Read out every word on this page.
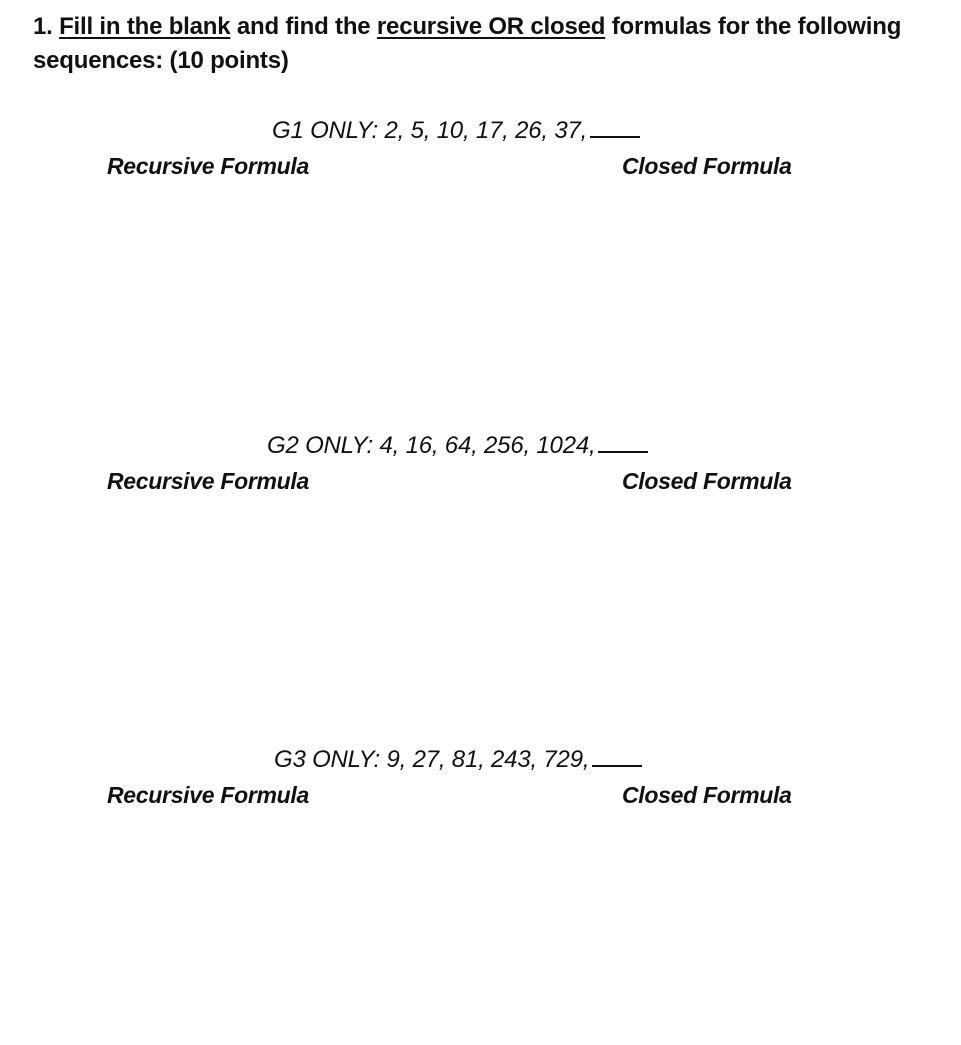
1. Fill in the blank and find the recursive OR closed formulas for the following sequences: (10 points)
G1 ONLY: 2, 5, 10, 17, 26, 37,
Recursive Formula	Closed Formula
G2 ONLY: 4, 16, 64, 256, 1024,
Recursive Formula	Closed Formula
G3 ONLY: 9, 27, 81, 243, 729,
Recursive Formula	Closed Formula
